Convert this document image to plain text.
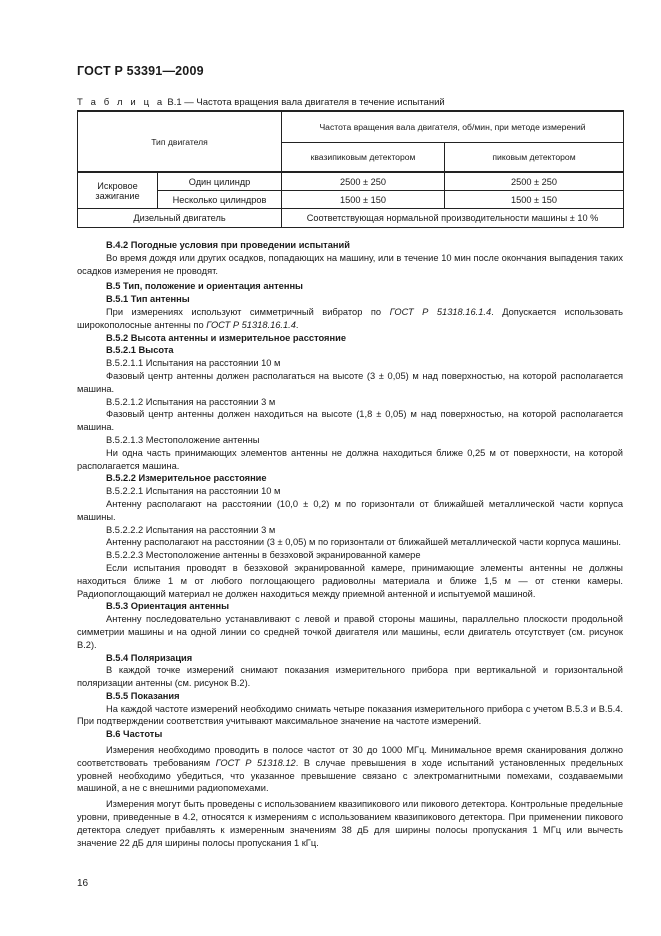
ГОСТ Р 53391—2009
Т а б л и ц а В.1 — Частота вращения вала двигателя в течение испытаний
Тип двигателя		Частота вращения вала двигателя, об/мин, при методе измерений	
		квазипиковым детектором	пиковым детектором
Искровое зажигание	Один цилиндр	2500 ± 250	2500 ± 250
	Несколько цилиндров	1500 ± 150	1500 ± 150
Дизельный двигатель		Соответствующая нормальной производительности машины ± 10 %	

В.4.2 Погодные условия при проведении испытаний

Во время дождя или других осадков, попадающих на машину, или в течение 10 мин после окончания выпадения таких осадков измерения не проводят.

В.5 Тип, положение и ориентация антенны

В.5.1 Тип антенны

При измерениях используют симметричный вибратор по ГОСТ Р 51318.16.1.4. Допускается использовать широкополосные антенны по ГОСТ Р 51318.16.1.4.

В.5.2 Высота антенны и измерительное расстояние

В.5.2.1 Высота

В.5.2.1.1 Испытания на расстоянии 10 м

Фазовый центр антенны должен располагаться на высоте (3 ± 0,05) м над поверхностью, на которой располагается машина.

В.5.2.1.2 Испытания на расстоянии 3 м

Фазовый центр антенны должен находиться на высоте (1,8 ± 0,05) м над поверхностью, на которой располагается машина.

В.5.2.1.3 Местоположение антенны

Ни одна часть принимающих элементов антенны не должна находиться ближе 0,25 м от поверхности, на которой располагается машина.

В.5.2.2 Измерительное расстояние

В.5.2.2.1 Испытания на расстоянии 10 м

Антенну располагают на расстоянии (10,0 ± 0,2) м по горизонтали от ближайшей металлической части корпуса машины.

В.5.2.2.2 Испытания на расстоянии 3 м

Антенну располагают на расстоянии (3 ± 0,05) м по горизонтали от ближайшей металлической части корпуса машины.

В.5.2.2.3 Местоположение антенны в безэховой экранированной камере

Если испытания проводят в безэховой экранированной камере, принимающие элементы антенны не должны находиться ближе 1 м от любого поглощающего радиоволны материала и ближе 1,5 м — от стенки камеры. Радиопоглощающий материал не должен находиться между приемной антенной и испытуемой машиной.

В.5.3 Ориентация антенны

Антенну последовательно устанавливают с левой и правой стороны машины, параллельно плоскости продольной симметрии машины и на одной линии со средней точкой двигателя или машины, если двигатель отсутствует (см. рисунок В.2).

В.5.4 Поляризация

В каждой точке измерений снимают показания измерительного прибора при вертикальной и горизонтальной поляризации антенны (см. рисунок В.2).

В.5.5 Показания

На каждой частоте измерений необходимо снимать четыре показания измерительного прибора с учетом В.5.3 и В.5.4. При подтверждении соответствия учитывают максимальное значение на частоте измерений.

В.6 Частоты

Измерения необходимо проводить в полосе частот от 30 до 1000 МГц. Минимальное время сканирования должно соответствовать требованиям ГОСТ Р 51318.12. В случае превышения в ходе испытаний установленных предельных уровней необходимо убедиться, что указанное превышение связано с электромагнитными помехами, создаваемыми машиной, а не с внешними радиопомехами.

Измерения могут быть проведены с использованием квазипикового или пикового детектора. Контрольные предельные уровни, приведенные в 4.2, относятся к измерениям с использованием квазипикового детектора. При применении пикового детектора следует прибавлять к измеренным значениям 38 дБ для ширины полосы пропускания 1 МГц или вычесть значение 22 дБ для ширины полосы пропускания 1 кГц.

16
